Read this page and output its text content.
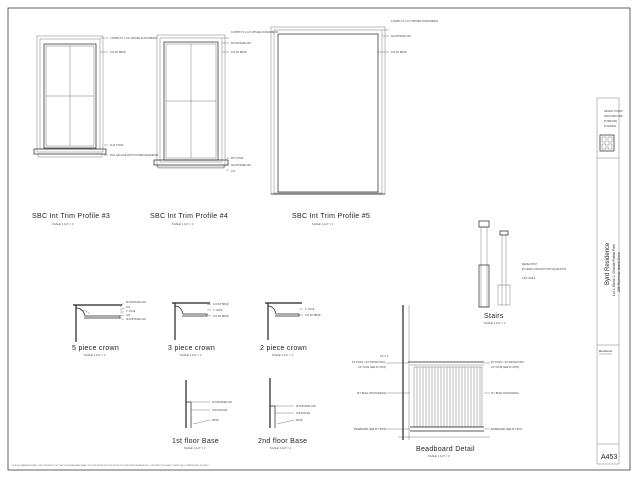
THESE DRAWINGS ARE THE PROPERTY OF THE DESIGNER AND SHALL NOT BE REPRODUCED WITHOUT WRITTEN PERMISSION. CONTRACTOR SHALL VERIFY ALL DIMENSIONS IN FIELD.
DESIGN STUDIO
ARCHITECTURE
INTERIORS
PLANNING
Byrd Residence Lot 1, Block 1, Grande Palms Park 286 Riverside Island Drive
Revisions
A453
3 APPRX TO 1 1/2" APPLIED AS BACKBAND
1X4 INT BRNR
FLAT STOOL
FULL SILL/AGE WITH OUTSIDE EDGE BRNR
SBC Int Trim Profile #3
SCALE: 1 1/2" = 1'
3 APPRX TO 2 1/2" APPLIED AS BACKBAND
SLOOP BASE CAP
1X4 INT BRNR
EXT STOOL
SLOOP BASE CAP
1X4
SBC Int Trim Profile #4
SCALE: 1 1/2" = 1'
3 APPRX TO 2 1/2" APPLIED AS BACKBAND
SLOOP BASE CAP
1X5 INT BRNR
SBC Int Trim Profile #5
SCALE: 1 1/2" = 1'
SLOOP BASE CAP
1X4
1" COVE
1X4
SLOOP BASE CAP
5 piece crown
SCALE: 1 1/2" = 1'
1X4 INT BRNR
1" COVE
1X4 INT BRNR
3 piece crown
SCALE: 1 1/2" = 1'
1" COVE
1X4 INT BRNR
2 piece crown
SCALE: 1 1/2" = 1'
NEWEL POST
BOX NEWELS THROUGHOUT WITH SQUARE POSTS
3 INT. RAILS
Stairs
SCALE: 1 1/2" = 1'
SLOOP BASE CAP
1X10 POPLAR
SHOE
1st floor Base
SCALE: 1 1/2" = 1'
SLOOP BASE CAP
1X8 POPLAR
SHOE
2nd floor Base
SCALE: 1 1/2" = 1'
1/2" X 1"
5/4 STOOL / 3/4" PROJECTION
1/2" COVE (SEE PLY BOX)
PLY BEAD 4X8 HANDRAIL
BASEBOARD (SEE PLY BOX)
5/4 STOOL / 3/4" PROJECTION
1/2" COVE (SEE PLY BOX)
PLY BEAD 4X8 HANDRAIL
BASEBOARD (SEE PLY BOX)
Beadboard Detail
SCALE: 1 1/2" = 1'
